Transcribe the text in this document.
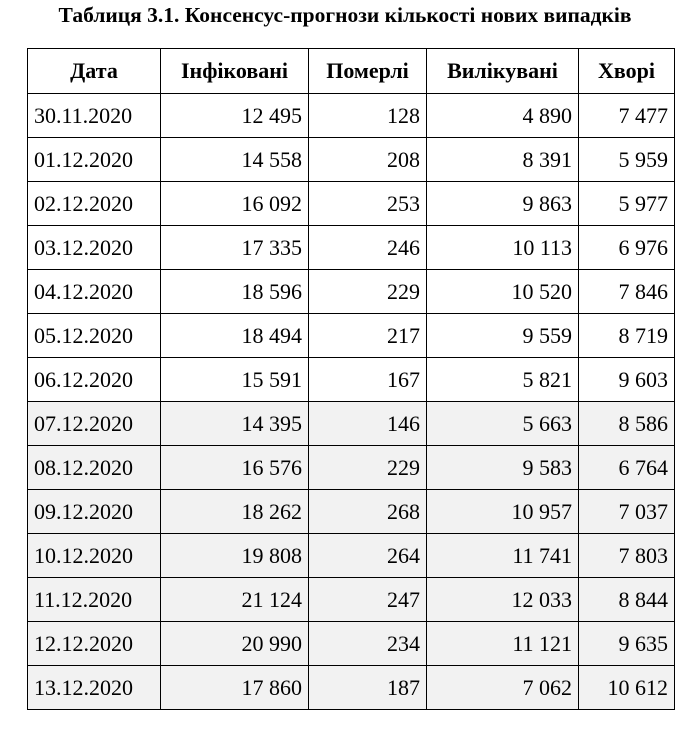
Таблиця 3.1. Консенсус-прогнози кількості нових випадків
Дата	Інфіковані	Померлі	Вилікувані	Хворі
30.11.2020	12 495	128	4 890	7 477
01.12.2020	14 558	208	8 391	5 959
02.12.2020	16 092	253	9 863	5 977
03.12.2020	17 335	246	10 113	6 976
04.12.2020	18 596	229	10 520	7 846
05.12.2020	18 494	217	9 559	8 719
06.12.2020	15 591	167	5 821	9 603
07.12.2020	14 395	146	5 663	8 586
08.12.2020	16 576	229	9 583	6 764
09.12.2020	18 262	268	10 957	7 037
10.12.2020	19 808	264	11 741	7 803
11.12.2020	21 124	247	12 033	8 844
12.12.2020	20 990	234	11 121	9 635
13.12.2020	17 860	187	7 062	10 612
